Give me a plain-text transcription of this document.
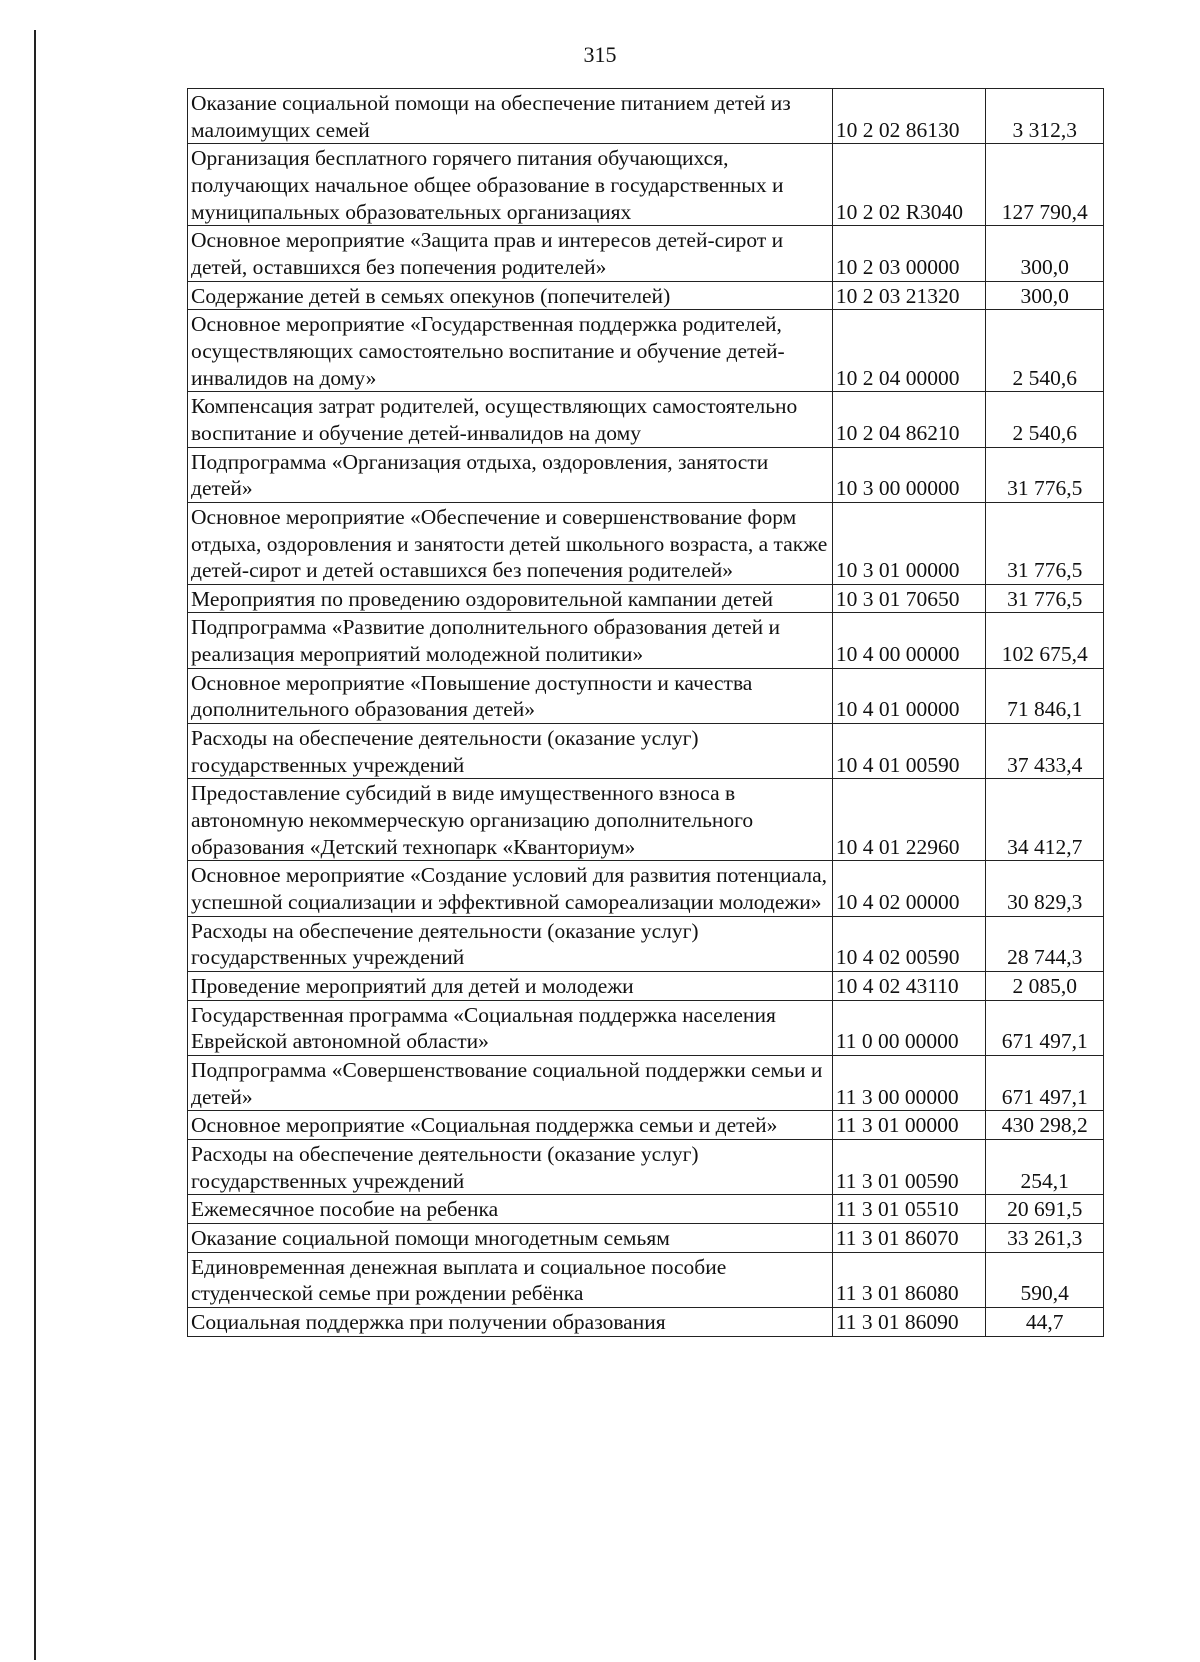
315
Оказание социальной помощи на обеспечение питанием детей из малоимущих семей	10 2 02 86130	3 312,3
Организация бесплатного горячего питания обучающихся, получающих начальное общее образование в государственных и муниципальных образовательных организациях	10 2 02 R3040	127 790,4
Основное мероприятие «Защита прав и интересов детей-сирот и детей, оставшихся без попечения родителей»	10 2 03 00000	300,0
Содержание детей в семьях опекунов (попечителей)	10 2 03 21320	300,0
Основное мероприятие «Государственная поддержка родителей, осуществляющих самостоятельно воспитание и обучение детей-инвалидов на дому»	10 2 04 00000	2 540,6
Компенсация затрат родителей, осуществляющих самостоятельно воспитание и обучение детей-инвалидов на дому	10 2 04 86210	2 540,6
Подпрограмма «Организация отдыха, оздоровления, занятости детей»	10 3 00 00000	31 776,5
Основное мероприятие «Обеспечение и совершенствование форм отдыха, оздоровления и занятости детей школьного возраста, а также детей-сирот и детей оставшихся без попечения родителей»	10 3 01 00000	31 776,5
Мероприятия по проведению оздоровительной кампании детей	10 3 01 70650	31 776,5
Подпрограмма «Развитие дополнительного образования детей и реализация мероприятий молодежной политики»	10 4 00 00000	102 675,4
Основное мероприятие «Повышение доступности и качества дополнительного образования детей»	10 4 01 00000	71 846,1
Расходы на обеспечение деятельности (оказание услуг) государственных учреждений	10 4 01 00590	37 433,4
Предоставление субсидий в виде имущественного взноса в автономную некоммерческую организацию дополнительного образования «Детский технопарк «Кванториум»	10 4 01 22960	34 412,7
Основное мероприятие «Создание условий для развития потенциала, успешной социализации и эффективной самореализации молодежи»	10 4 02 00000	30 829,3
Расходы на обеспечение деятельности (оказание услуг) государственных учреждений	10 4 02 00590	28 744,3
Проведение мероприятий для детей и молодежи	10 4 02 43110	2 085,0
Государственная программа «Социальная поддержка населения Еврейской автономной области»	11 0 00 00000	671 497,1
Подпрограмма «Совершенствование социальной поддержки семьи и детей»	11 3 00 00000	671 497,1
Основное мероприятие «Социальная поддержка семьи и детей»	11 3 01 00000	430 298,2
Расходы на обеспечение деятельности (оказание услуг) государственных учреждений	11 3 01 00590	254,1
Ежемесячное пособие на ребенка	11 3 01 05510	20 691,5
Оказание социальной помощи многодетным семьям	11 3 01 86070	33 261,3
Единовременная денежная выплата и социальное пособие студенческой семье при рождении ребёнка	11 3 01 86080	590,4
Социальная поддержка при получении образования	11 3 01 86090	44,7
